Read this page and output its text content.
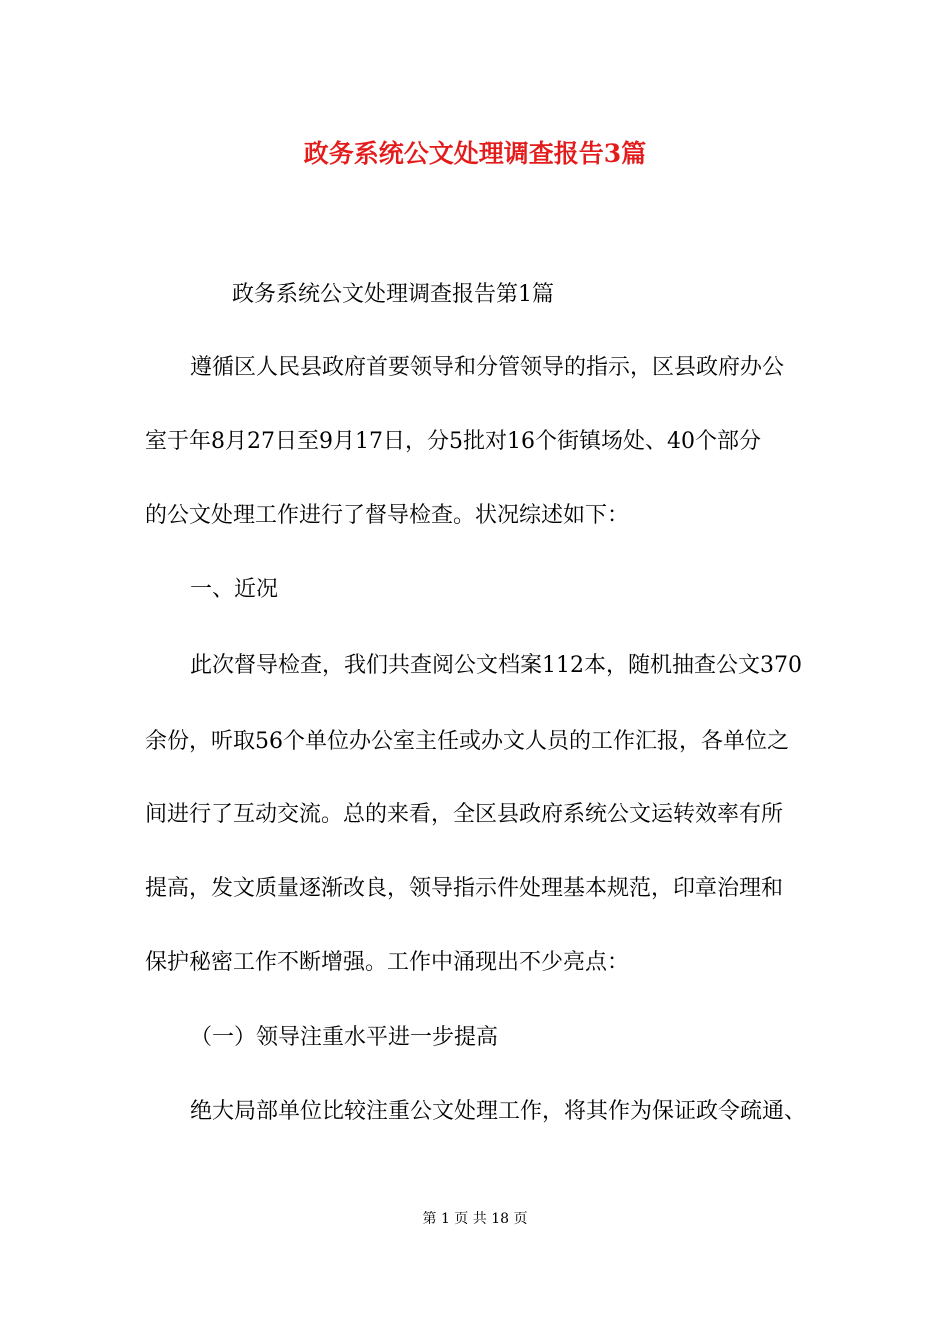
政务系统公文处理调查报告3篇
政务系统公文处理调查报告第1篇
遵循区人民县政府首要领导和分管领导的指示，区县政府办公
室于年8月27日至9月17日，分5批对16个街镇场处、40个部分
的公文处理工作进行了督导检查。状况综述如下：
一、近况
此次督导检查，我们共查阅公文档案112本，随机抽查公文370
余份，听取56个单位办公室主任或办文人员的工作汇报，各单位之
间进行了互动交流。总的来看，全区县政府系统公文运转效率有所
提高，发文质量逐渐改良，领导指示件处理基本规范，印章治理和
保护秘密工作不断增强。工作中涌现出不少亮点：
（一）领导注重水平进一步提高
绝大局部单位比较注重公文处理工作，将其作为保证政令疏通、
第 1 页 共 18 页
